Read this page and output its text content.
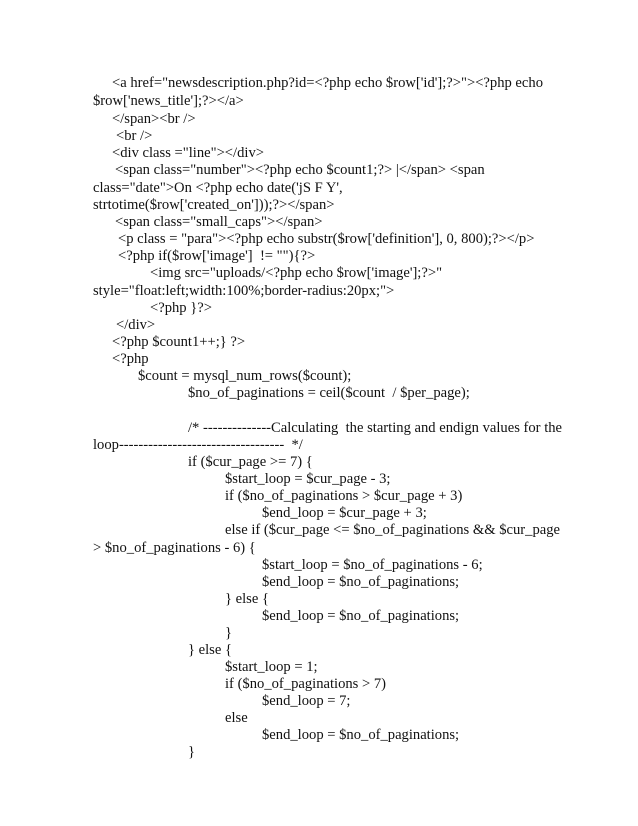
<a href="newsdescription.php?id=<?php echo $row['id'];?>"><?php echo
$row['news_title'];?></a>
</span><br />
<br />
<div class ="line"></div>
<span class="number"><?php echo $count1;?> |</span> <span
class="date">On <?php echo date('jS F Y',
strtotime($row['created_on']));?></span>
<span class="small_caps"></span>
<p class = "para"><?php echo substr($row['definition'], 0, 800);?></p>
<?php if($row['image']  != ""){?>
<img src="uploads/<?php echo $row['image'];?>"
style="float:left;width:100%;border-radius:20px;">
<?php }?>
</div>
<?php $count1++;} ?>
<?php
$count = mysql_num_rows($count);
$no_of_paginations = ceil($count  / $per_page);
/* --------------Calculating  the starting and endign values for the
loop----------------------------------  */
if ($cur_page >= 7) {
$start_loop = $cur_page - 3;
if ($no_of_paginations > $cur_page + 3)
$end_loop = $cur_page + 3;
else if ($cur_page <= $no_of_paginations && $cur_page
> $no_of_paginations - 6) {
$start_loop = $no_of_paginations - 6;
$end_loop = $no_of_paginations;
} else {
$end_loop = $no_of_paginations;
}
} else {
$start_loop = 1;
if ($no_of_paginations > 7)
$end_loop = 7;
else
$end_loop = $no_of_paginations;
}
